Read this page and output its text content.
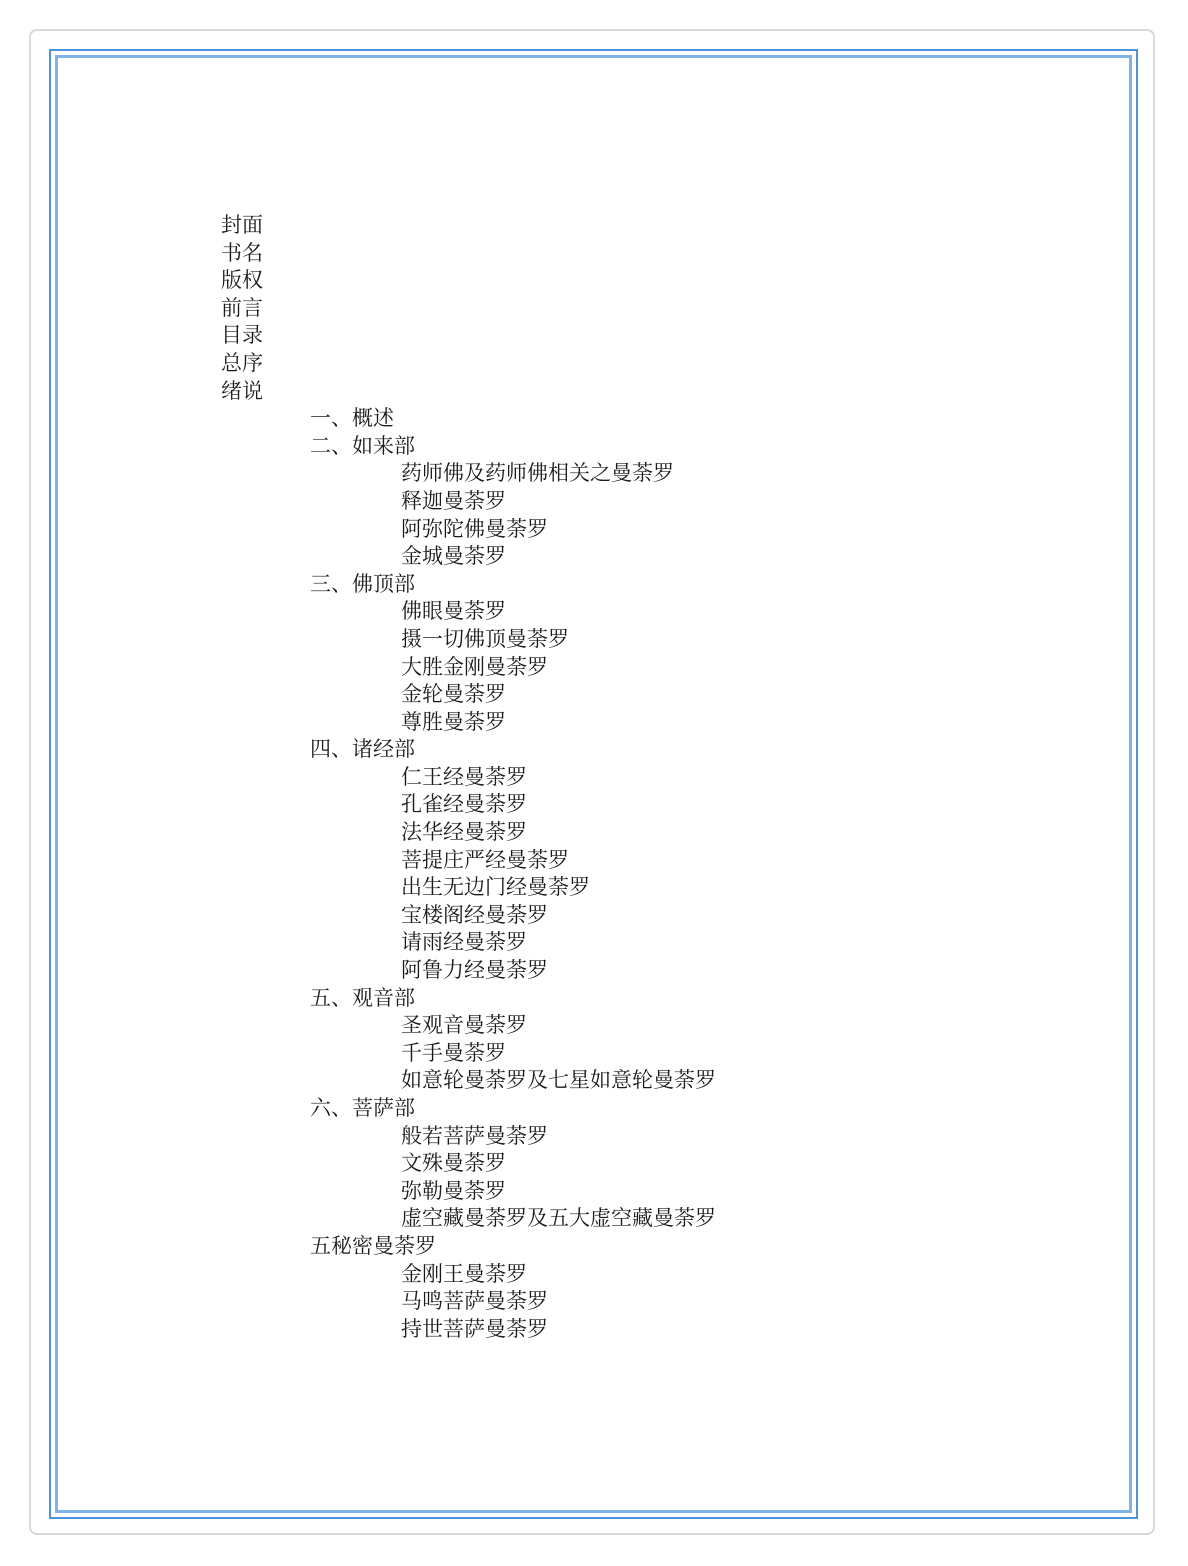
封面
书名
版权
前言
目录
总序
绪说
一、概述
二、如来部
药师佛及药师佛相关之曼荼罗
释迦曼荼罗
阿弥陀佛曼荼罗
金城曼荼罗
三、佛顶部
佛眼曼荼罗
摄一切佛顶曼荼罗
大胜金刚曼荼罗
金轮曼荼罗
尊胜曼荼罗
四、诸经部
仁王经曼荼罗
孔雀经曼荼罗
法华经曼荼罗
菩提庄严经曼荼罗
出生无边门经曼荼罗
宝楼阁经曼荼罗
请雨经曼荼罗
阿鲁力经曼荼罗
五、观音部
圣观音曼荼罗
千手曼荼罗
如意轮曼荼罗及七星如意轮曼荼罗
六、菩萨部
般若菩萨曼荼罗
文殊曼荼罗
弥勒曼荼罗
虚空藏曼荼罗及五大虚空藏曼荼罗
五秘密曼荼罗
金刚王曼荼罗
马鸣菩萨曼荼罗
持世菩萨曼荼罗
